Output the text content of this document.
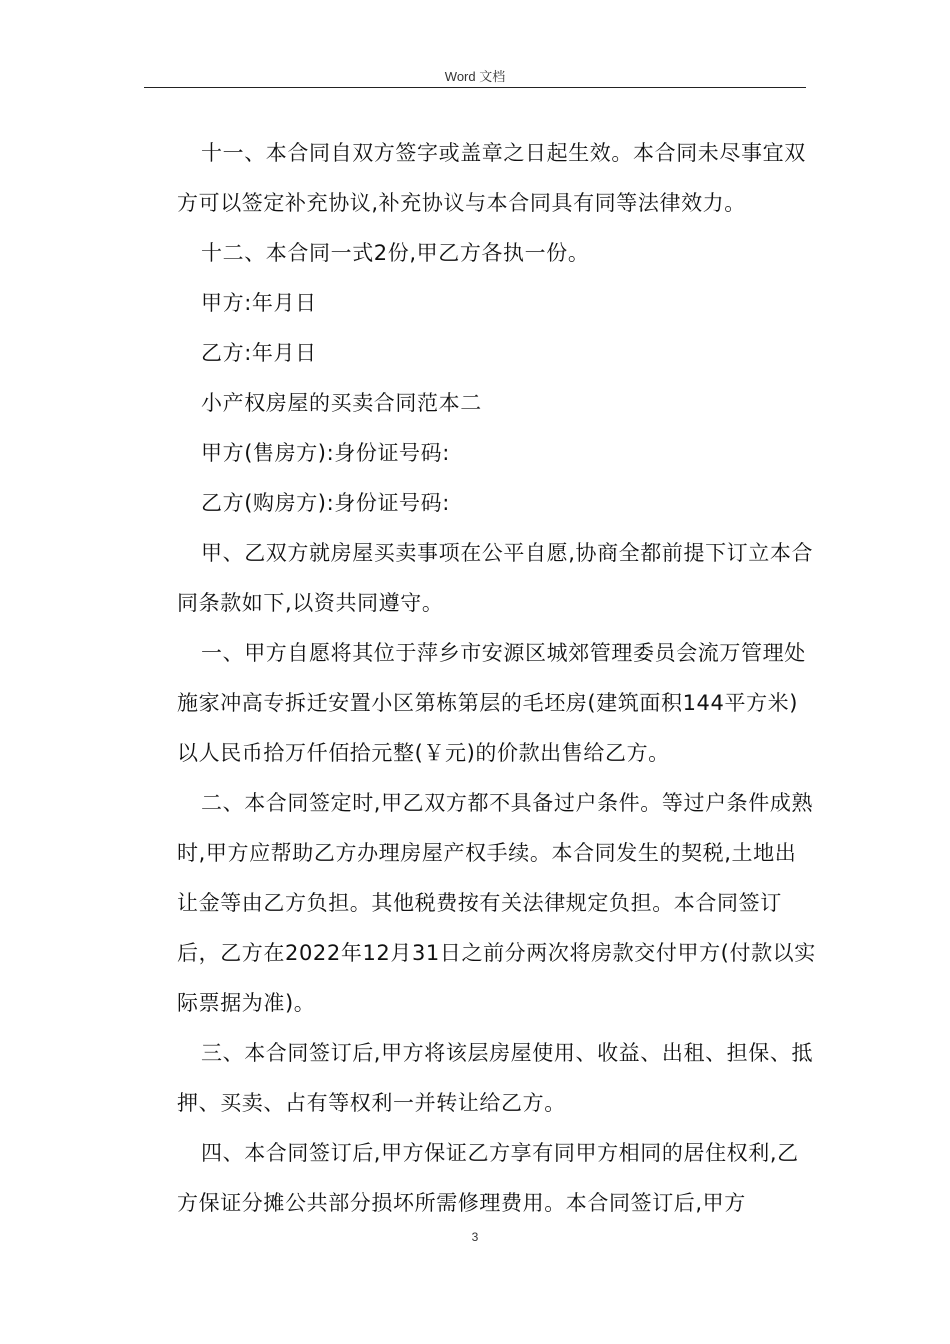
Word 文档

十一、本合同自双方签字或盖章之日起生效。本合同未尽事宜双方可以签定补充协议,补充协议与本合同具有同等法律效力。

十二、本合同一式2份,甲乙方各执一份。

甲方:年月日

乙方:年月日

小产权房屋的买卖合同范本二

甲方(售房方):身份证号码:

乙方(购房方):身份证号码:

甲、乙双方就房屋买卖事项在公平自愿,协商全都前提下订立本合同条款如下,以资共同遵守。

一、甲方自愿将其位于萍乡市安源区城郊管理委员会流万管理处施家冲高专拆迁安置小区第栋第层的毛坯房(建筑面积144平方米)以人民币拾万仟佰拾元整(￥元)的价款出售给乙方。

二、本合同签定时,甲乙双方都不具备过户条件。等过户条件成熟时,甲方应帮助乙方办理房屋产权手续。本合同发生的契税,土地出让金等由乙方负担。其他税费按有关法律规定负担。本合同签订后，乙方在2022年12月31日之前分两次将房款交付甲方(付款以实际票据为准)。

三、本合同签订后,甲方将该层房屋使用、收益、出租、担保、抵押、买卖、占有等权利一并转让给乙方。

四、本合同签订后,甲方保证乙方享有同甲方相同的居住权利,乙方保证分摊公共部分损坏所需修理费用。本合同签订后,甲方

3
